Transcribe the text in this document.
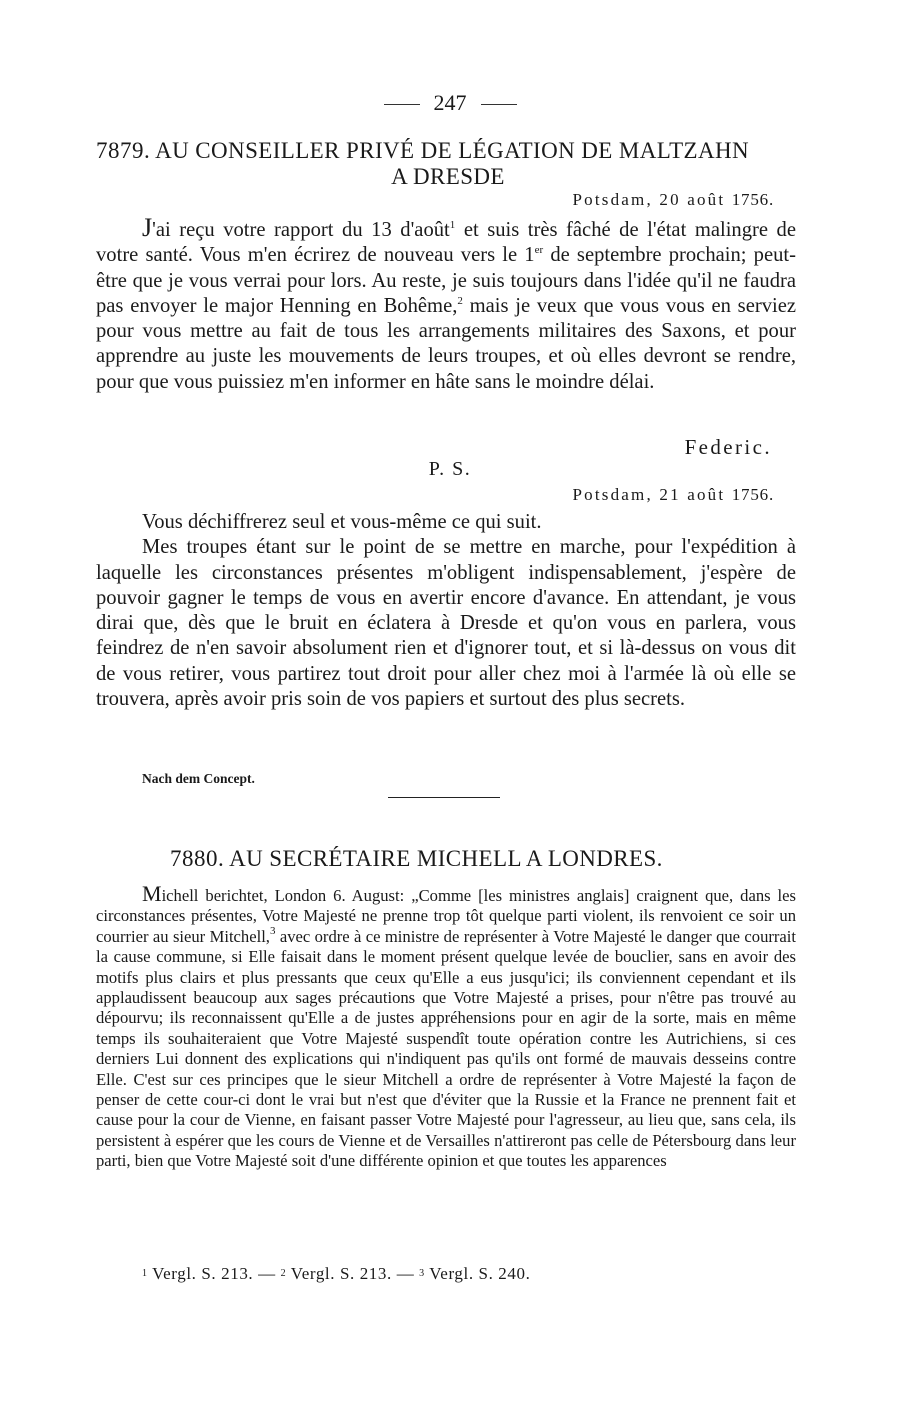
247
7879. AU CONSEILLER PRIVÉ DE LÉGATION DE MALTZAHN
A DRESDE
Potsdam, 20 août 1756.

J'ai reçu votre rapport du 13 d'août$^1$ et suis très fâché de l'état malingre de votre santé. Vous m'en écrirez de nouveau vers le 1er de septembre prochain; peut-être que je vous verrai pour lors. Au reste, je suis toujours dans l'idée qu'il ne faudra pas envoyer le major Henning en Bohême,$^2$ mais je veux que vous vous en serviez pour vous mettre au fait de tous les arrangements militaires des Saxons, et pour apprendre au juste les mouvements de leurs troupes, et où elles devront se rendre, pour que vous puissiez m'en informer en hâte sans le moindre délai.

Federic.
P. S.
Potsdam, 21 août 1756.

Vous déchiffrerez seul et vous-même ce qui suit.

Mes troupes étant sur le point de se mettre en marche, pour l'expédition à laquelle les circonstances présentes m'obligent indispensablement, j'espère de pouvoir gagner le temps de vous en avertir encore d'avance. En attendant, je vous dirai que, dès que le bruit en éclatera à Dresde et qu'on vous en parlera, vous feindrez de n'en savoir absolument rien et d'ignorer tout, et si là-dessus on vous dit de vous retirer, vous partirez tout droit pour aller chez moi à l'armée là où elle se trouvera, après avoir pris soin de vos papiers et surtout des plus secrets.

Nach dem Concept.
7880. AU SECRÉTAIRE MICHELL A LONDRES.

Michell berichtet, London 6. August: „Comme [les ministres anglais] craignent que, dans les circonstances présentes, Votre Majesté ne prenne trop tôt quelque parti violent, ils renvoient ce soir un courrier au sieur Mitchell,$^3$ avec ordre à ce ministre de représenter à Votre Majesté le danger que courrait la cause commune, si Elle faisait dans le moment présent quelque levée de bouclier, sans en avoir des motifs plus clairs et plus pressants que ceux qu'Elle a eus jusqu'ici; ils conviennent cependant et ils applaudissent beaucoup aux sages précautions que Votre Majesté a prises, pour n'être pas trouvé au dépourvu; ils reconnaissent qu'Elle a de justes appréhensions pour en agir de la sorte, mais en même temps ils souhaiteraient que Votre Majesté suspendît toute opération contre les Autrichiens, si ces derniers Lui donnent des explications qui n'indiquent pas qu'ils ont formé de mauvais desseins contre Elle. C'est sur ces principes que le sieur Mitchell a ordre de représenter à Votre Majesté la façon de penser de cette cour-ci dont le vrai but n'est que d'éviter que la Russie et la France ne prennent fait et cause pour la cour de Vienne, en faisant passer Votre Majesté pour l'agresseur, au lieu que, sans cela, ils persistent à espérer que les cours de Vienne et de Versailles n'attireront pas celle de Pétersbourg dans leur parti, bien que Votre Majesté soit d'une différente opinion et que toutes les apparences

$^1$ Vergl. S. 213. — $^2$ Vergl. S. 213. — $^3$ Vergl. S. 240.
